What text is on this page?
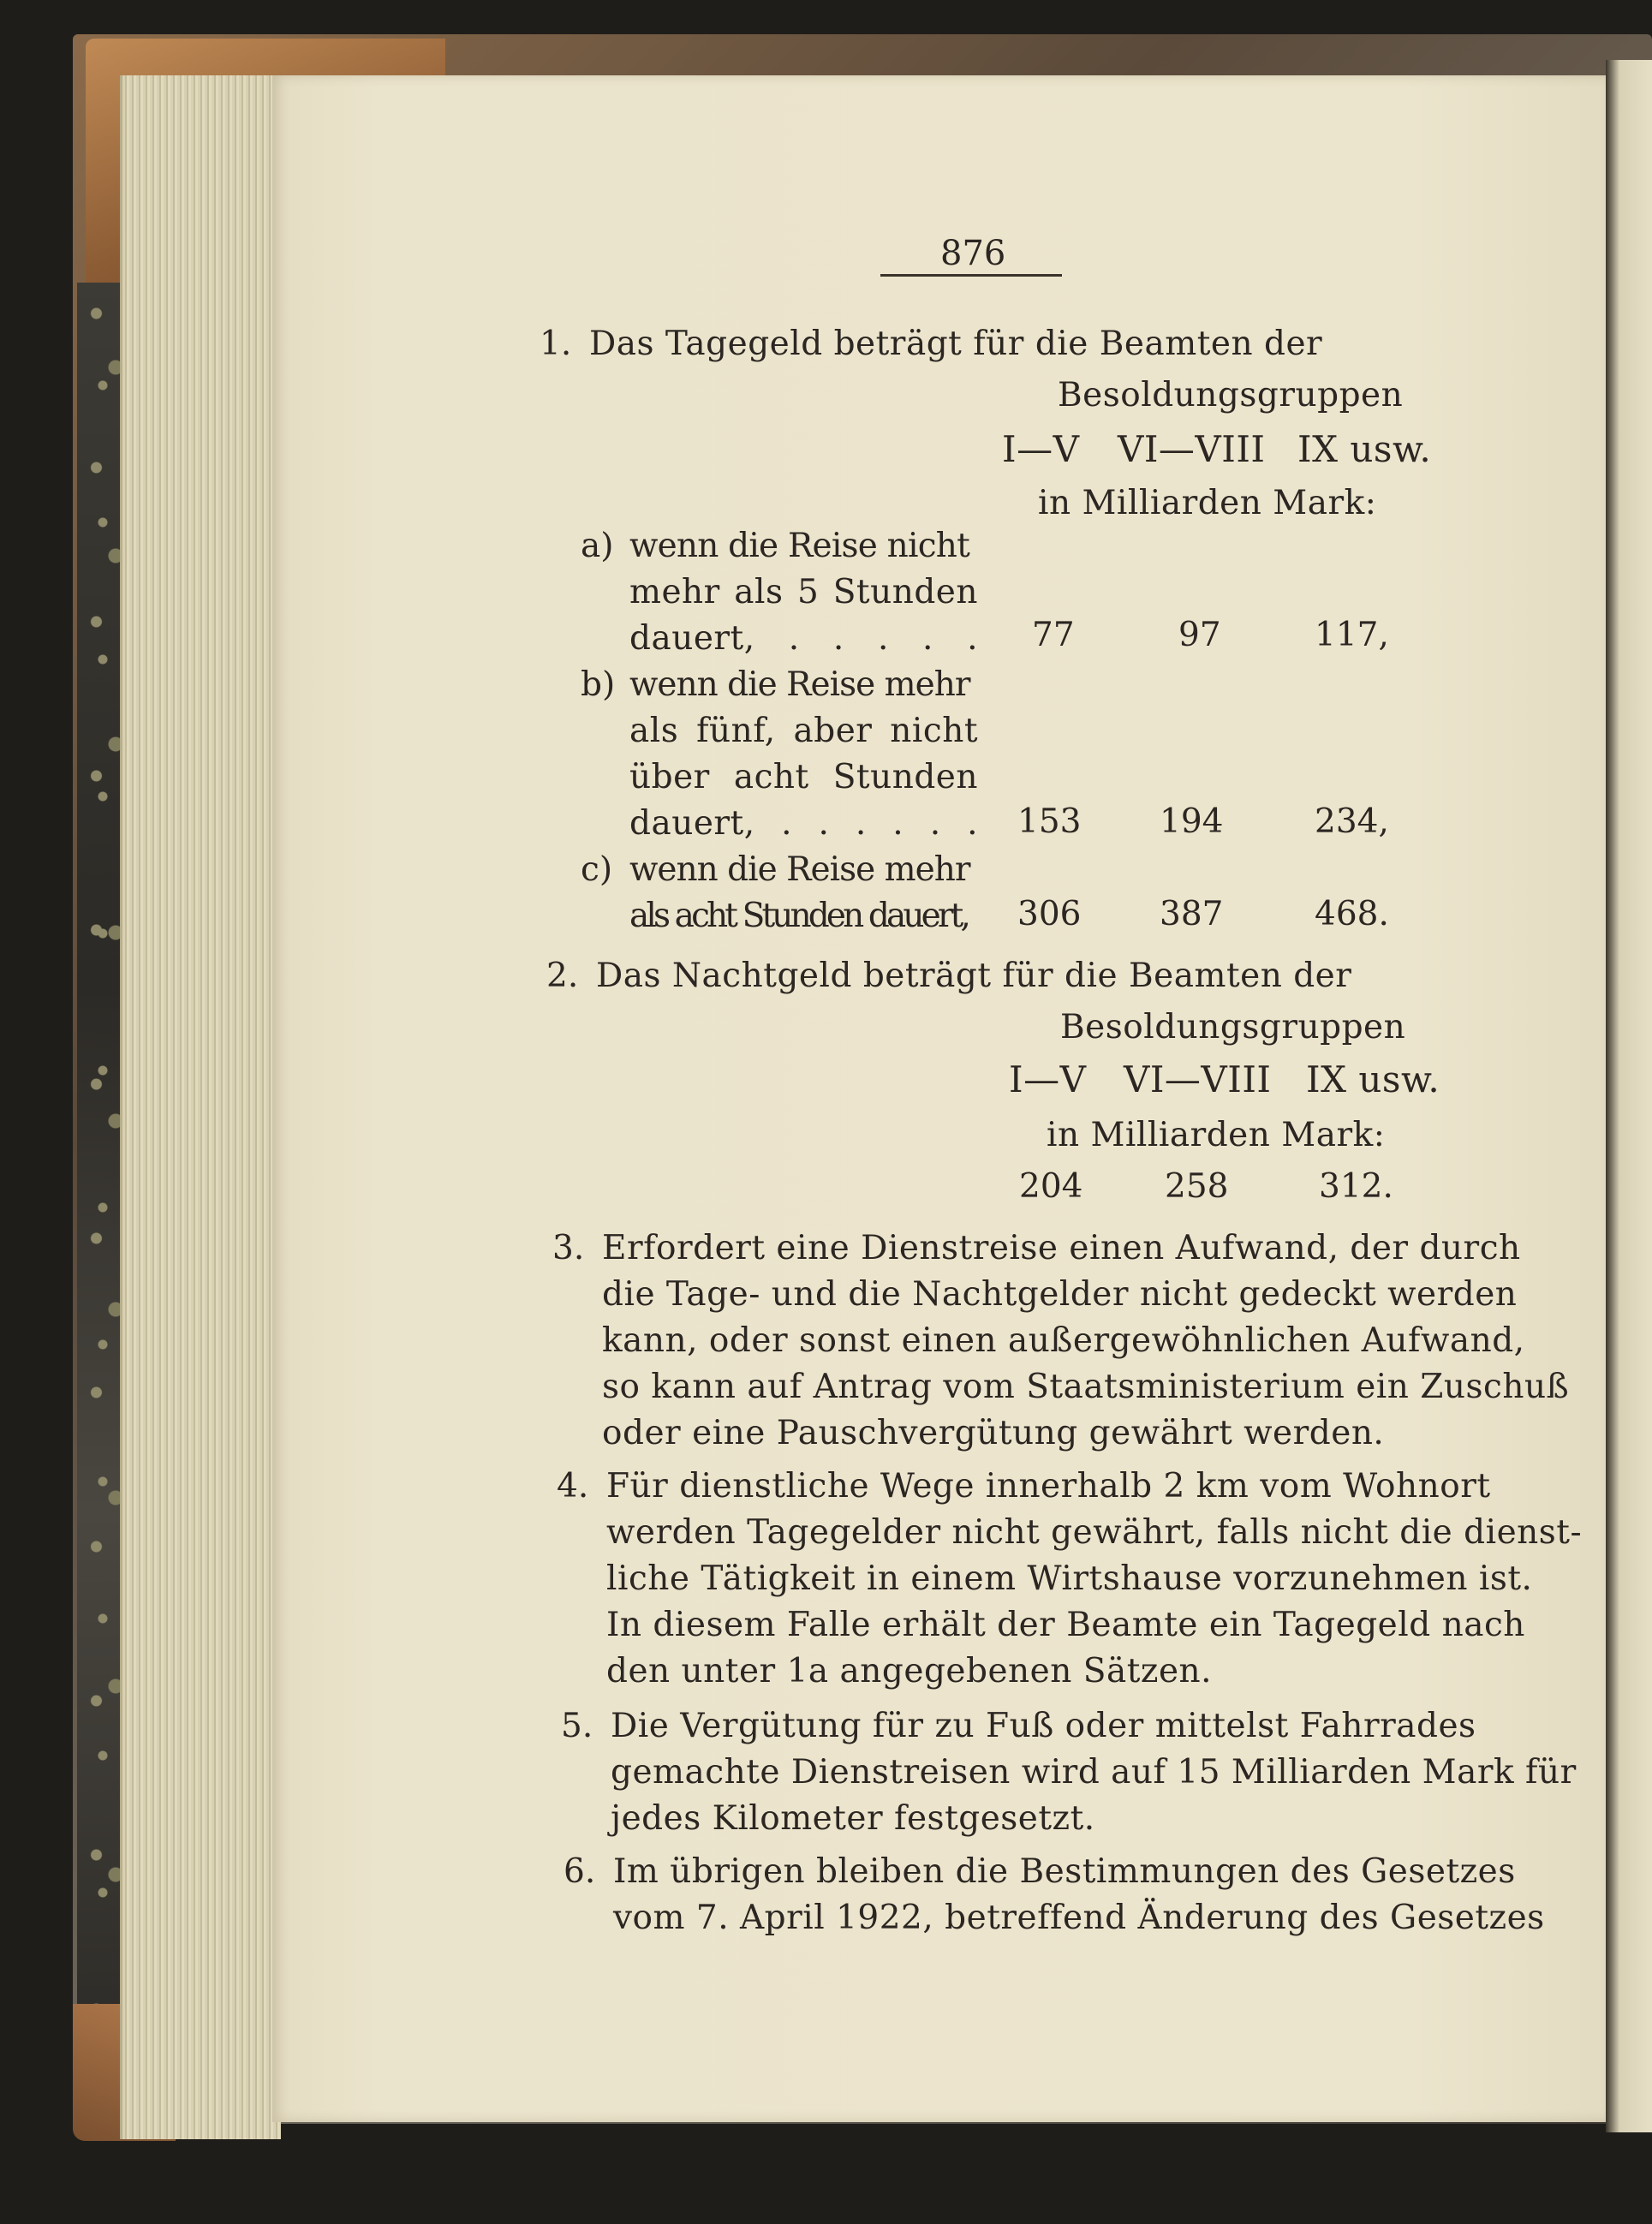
876
1. Das Tagegeld beträgt für die Beamten der
Besoldungsgruppen
I—V VI—VIII IX usw.
in Milliarden Mark:
a) wenn die Reise nicht
mehr als 5 Stunden
dauert, . . . . . 77	97	117,
b) wenn die Reise mehr
als fünf, aber nicht
über acht Stunden
dauert, . . . . . . 153 194	234,
c) wenn die Reise mehr
als acht Stunden dauert, 306 387	468.
2. Das Nachtgeld beträgt für die Beamten der
Besoldungsgruppen
I—V VI—VIII IX usw.
in Milliarden Mark:
204 258	312.
3. Erfordert eine Dienstreise einen Aufwand, der durch
die Tage- und die Nachtgelder nicht gedeckt werden
kann, oder sonst einen außergewöhnlichen Aufwand,
so kann auf Antrag vom Staatsministerium ein Zuschuß
oder eine Pauschvergütung gewährt werden.
4. Für dienstliche Wege innerhalb 2 km vom Wohnort
werden Tagegelder nicht gewährt, falls nicht die dienst-
liche Tätigkeit in einem Wirtshause vorzunehmen ist.
In diesem Falle erhält der Beamte ein Tagegeld nach
den unter 1a angegebenen Sätzen.
5. Die Vergütung für zu Fuß oder mittelst Fahrrades
gemachte Dienstreisen wird auf 15 Milliarden Mark für
jedes Kilometer festgesetzt.
6. Im übrigen bleiben die Bestimmungen des Gesetzes
vom 7. April 1922, betreffend Änderung des Gesetzes
